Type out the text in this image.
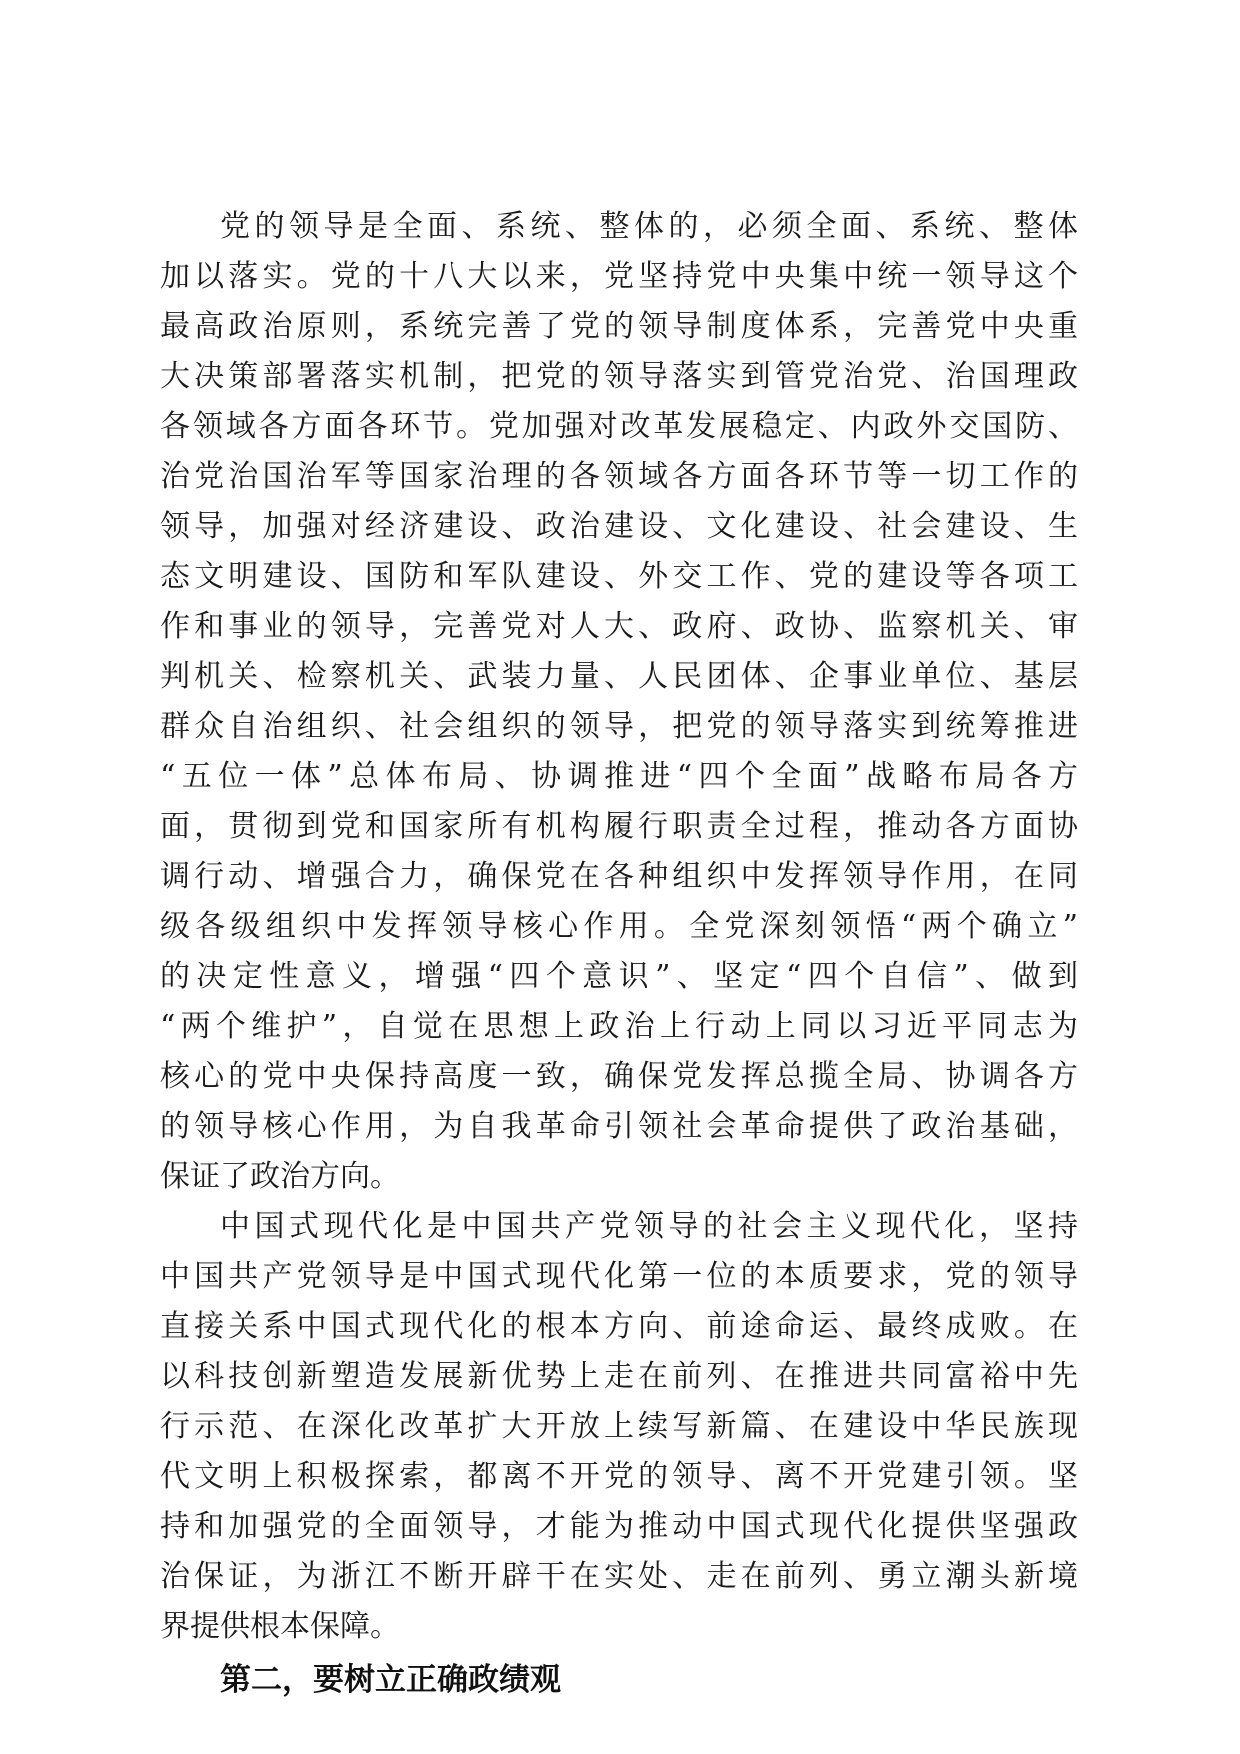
党的领导是全面、系统、整体的，必须全面、系统、整体

加以落实。党的十八大以来，党坚持党中央集中统一领导这个

最高政治原则，系统完善了党的领导制度体系，完善党中央重

大决策部署落实机制，把党的领导落实到管党治党、治国理政

各领域各方面各环节。党加强对改革发展稳定、内政外交国防、

治党治国治军等国家治理的各领域各方面各环节等一切工作的

领导，加强对经济建设、政治建设、文化建设、社会建设、生

态文明建设、国防和军队建设、外交工作、党的建设等各项工

作和事业的领导，完善党对人大、政府、政协、监察机关、审

判机关、检察机关、武装力量、人民团体、企事业单位、基层

群众自治组织、社会组织的领导，把党的领导落实到统筹推进

“五位一体”总体布局、协调推进“四个全面”战略布局各方

面，贯彻到党和国家所有机构履行职责全过程，推动各方面协

调行动、增强合力，确保党在各种组织中发挥领导作用，在同

级各级组织中发挥领导核心作用。全党深刻领悟“两个确立”

的决定性意义，增强“四个意识”、坚定“四个自信”、做到

“两个维护”，自觉在思想上政治上行动上同以习近平同志为

核心的党中央保持高度一致，确保党发挥总揽全局、协调各方

的领导核心作用，为自我革命引领社会革命提供了政治基础，

保证了政治方向。

中国式现代化是中国共产党领导的社会主义现代化，坚持

中国共产党领导是中国式现代化第一位的本质要求，党的领导

直接关系中国式现代化的根本方向、前途命运、最终成败。在

以科技创新塑造发展新优势上走在前列、在推进共同富裕中先

行示范、在深化改革扩大开放上续写新篇、在建设中华民族现

代文明上积极探索，都离不开党的领导、离不开党建引领。坚

持和加强党的全面领导，才能为推动中国式现代化提供坚强政

治保证，为浙江不断开辟干在实处、走在前列、勇立潮头新境

界提供根本保障。

第二，要树立正确政绩观
